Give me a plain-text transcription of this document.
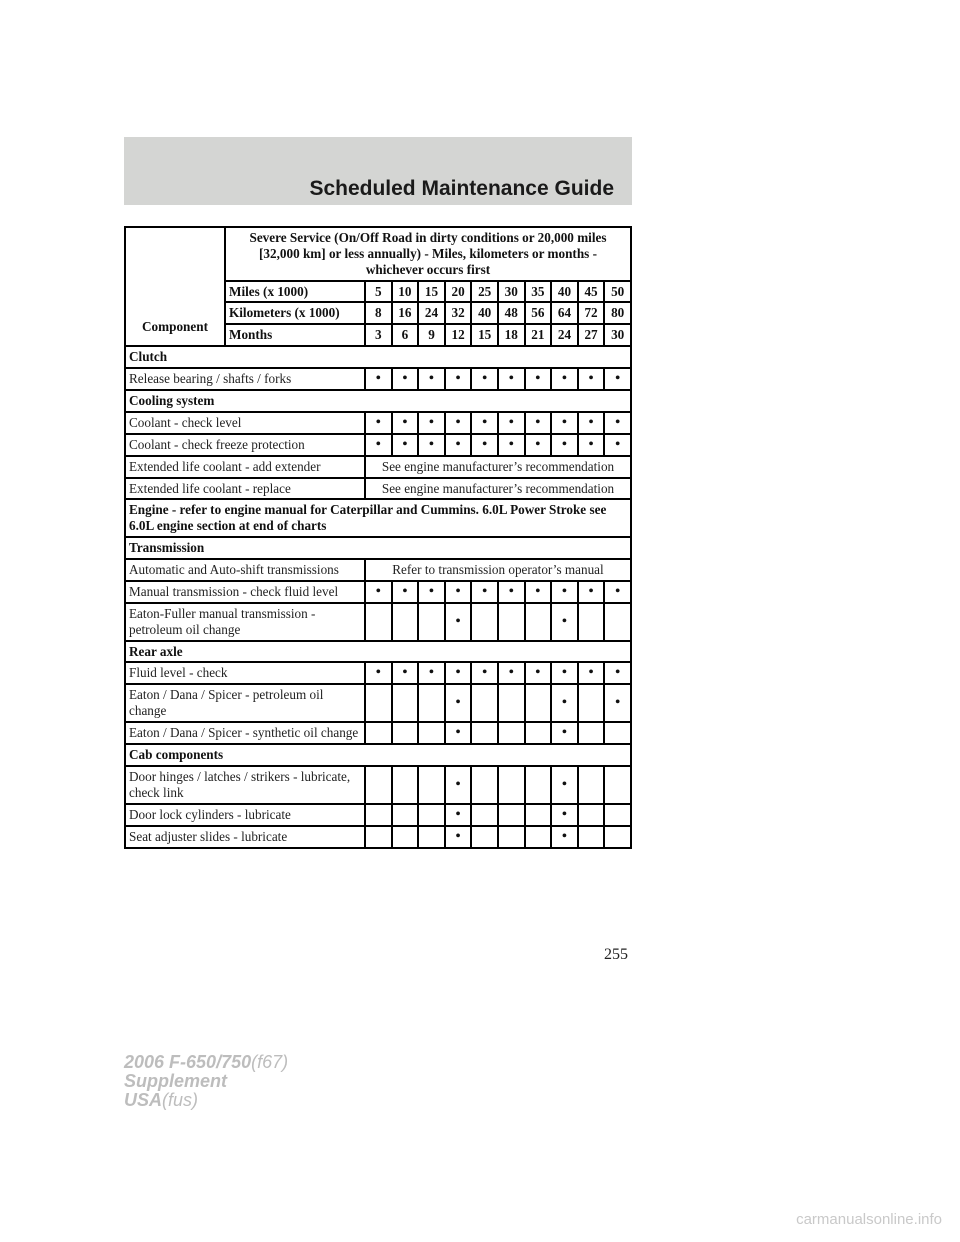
Scheduled Maintenance Guide
Component	Severe Service (On/Off Road in dirty conditions or 20,000 miles [32,000 km] or less annually) - Miles, kilometers or months - whichever occurs first										
	Miles (x 1000)	5	10	15	20	25	30	35	40	45	50
	Kilometers (x 1000)	8	16	24	32	40	48	56	64	72	80
	Months	3	6	9	12	15	18	21	24	27	30
Clutch											
Release bearing / shafts / forks		•	•	•	•	•	•	•	•	•	•
Cooling system											
Coolant - check level		•	•	•	•	•	•	•	•	•	•
Coolant - check freeze protection		•	•	•	•	•	•	•	•	•	•
Extended life coolant - add extender		See engine manufacturer’s recommendation									
Extended life coolant - replace		See engine manufacturer’s recommendation									
Engine - refer to engine manual for Caterpillar and Cummins. 6.0L Power Stroke see 6.0L engine section at end of charts											
Transmission											
Automatic and Auto-shift transmissions		Refer to transmission operator’s manual									
Manual transmission - check fluid level		•	•	•	•	•	•	•	•	•	•
Eaton-Fuller manual transmission - petroleum oil change					•				•		
Rear axle											
Fluid level - check		•	•	•	•	•	•	•	•	•	•
Eaton / Dana / Spicer - petroleum oil change					•				•		•
Eaton / Dana / Spicer - synthetic oil change					•				•		
Cab components											
Door hinges / latches / strikers - lubricate, check link					•				•		
Door lock cylinders - lubricate					•				•		
Seat adjuster slides - lubricate					•				•		
255
2006 F-650/750(f67)
Supplement
USA(fus)
carmanualsonline.info
